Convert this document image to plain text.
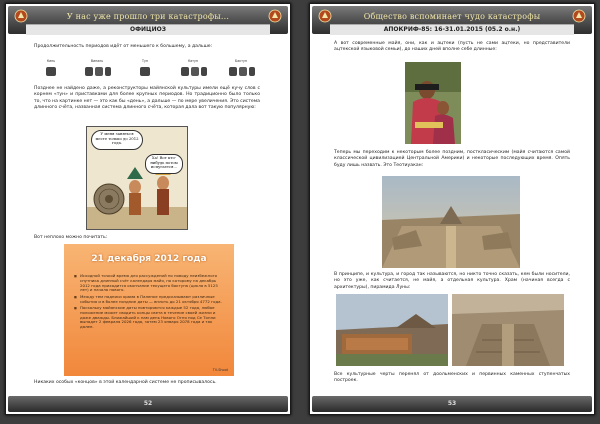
У нас уже прошло три катастрофы...
ОФИЦИОЗ
Продолжительность периодов идёт от меньшего к большему, а дальше:
Кинь	Виналь	Тун	Катун	Бактун
Позднее не найдено даже, а реконструкторы майянской культуры имели ещё кучу слов с корнем «тун» и приставками для более крупных периодов. Но традиционно было только то, что на картинке нет — это как бы «день», а дальше — по мере увеличения. Это система длинного счёта, названная система длинного счёта, которая дала вот такую популярную:
У меня заняться месте только до 2012 года.
Ха! Вот кто-нибудь потом испугается...
Вот неплохо можно почитать:
21 декабря 2012 года
■ Исходной точкой время для рассуждений по поводу неизбежного спутника длинный счёт календаря майя, по которому на декабрь 2012 года приходится окончание текущего бактуна (цикла в 5125 лет) и начало нового.
■ Между тем надписи храма в Паленке предсказывают различные события и в более поздние даты — вплоть до 21 октября 4772 года.
■ Поскольку майянские даты повторяются каждые 52 года, любое положение может сводить концы света в течение своей жизни и даже дважды. Ближайший к нам день Нового Огня под Се Тонли выпадет 2 февраля 2026 года, затем 23 января 2078 года и так далее.
TV-Shoot
Никаких особых «концов» в этой календарной системе не прописывалось.
52
Общество вспоминает чудо катастрофы
АПОКРИФ-85: 16-31.01.2015 (05.2 о.н.)
А вот современные майя, они, как и ацтеки (пусть не сами ацтеки, но представители ацтекской языковой семьи), до наших дней вполне себе длинные:
Теперь мы переходим к некоторым более поздним, посткласическим (майя считаются самой классической цивилизацией Центральной Америки) и некоторые последующих время. Опять буду лишь назвать. Это Теотиуакан:
В принципе, и культура, и город так называются, но никто точно сказать, кем были носители, но это уже, как считается, не майя, а отдельная культура. Храм (начиная всегда с архитектуры), пирамида Луны:
Все культурные черты перенял от доольменских и первинных каменных ступенчатых построек.
53
